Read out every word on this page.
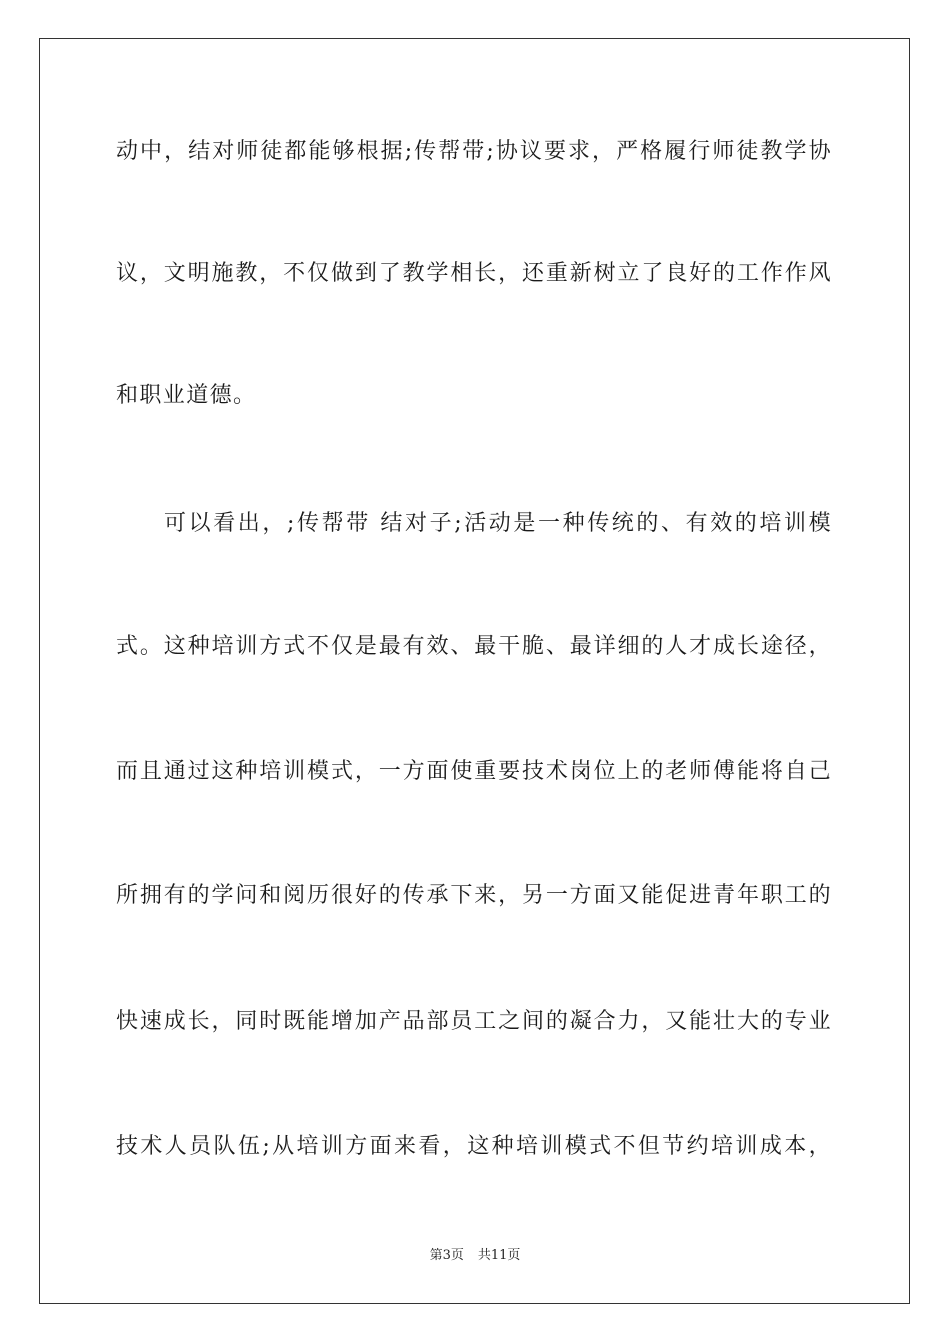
动中，结对师徒都能够根据;传帮带;协议要求，严格履行师徒教学协
议，文明施教，不仅做到了教学相长，还重新树立了良好的工作作风
和职业道德。
可以看出，;传帮带 结对子;活动是一种传统的、有效的培训模
式。这种培训方式不仅是最有效、最干脆、最详细的人才成长途径，
而且通过这种培训模式，一方面使重要技术岗位上的老师傅能将自己
所拥有的学问和阅历很好的传承下来，另一方面又能促进青年职工的
快速成长，同时既能增加产品部员工之间的凝合力，又能壮大的专业
技术人员队伍;从培训方面来看，这种培训模式不但节约培训成本，
第3页 共11页
